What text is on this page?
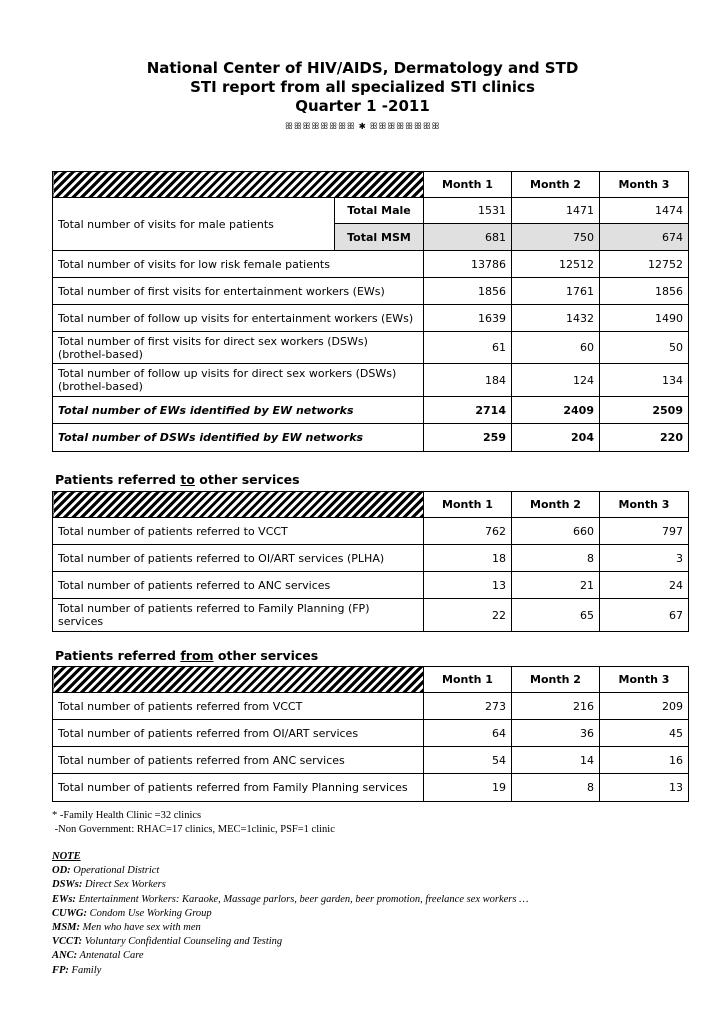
National Center of HIV/AIDS, Dermatology and STD
STI report from all specialized STI clinics
Quarter 1 -2011
ꕥꕥꕥꕥꕥꕥꕥꕥ ✱ ꕥꕥꕥꕥꕥꕥꕥꕥ
		Month 1	Month 2	Month 3
Total number of visits for male patients	Total Male	1531	1471	1474
	Total MSM	681	750	674
Total number of visits for low risk female patients		13786	12512	12752
Total number of first visits for entertainment workers (EWs)		1856	1761	1856
Total number of follow up visits for entertainment workers (EWs)		1639	1432	1490
Total number of first visits for direct sex workers (DSWs) (brothel-based)		61	60	50
Total number of follow up visits for direct sex workers (DSWs) (brothel-based)		184	124	134
Total number of EWs identified by EW networks		2714	2409	2509
Total number of DSWs identified by EW networks		259	204	220
Patients referred to other services
	Month 1	Month 2	Month 3
Total number of patients referred to VCCT	762	660	797
Total number of patients referred to OI/ART services (PLHA)	18	8	3
Total number of patients referred to ANC services	13	21	24
Total number of patients referred to Family Planning (FP) services	22	65	67
Patients referred from other services
	Month 1	Month 2	Month 3
Total number of patients referred from VCCT	273	216	209
Total number of patients referred from OI/ART services	64	36	45
Total number of patients referred from ANC services	54	14	16
Total number of patients referred from Family Planning services	19	8	13
* -Family Health Clinic =32 clinics
-Non Government: RHAC=17 clinics, MEC=1clinic, PSF=1 clinic
NOTE
OD: Operational District
DSWs: Direct Sex Workers
EWs: Entertainment Workers: Karaoke, Massage parlors, beer garden, beer promotion, freelance sex workers …
CUWG: Condom Use Working Group
MSM: Men who have sex with men
VCCT: Voluntary Confidential Counseling and Testing
ANC: Antenatal Care
FP: Family
